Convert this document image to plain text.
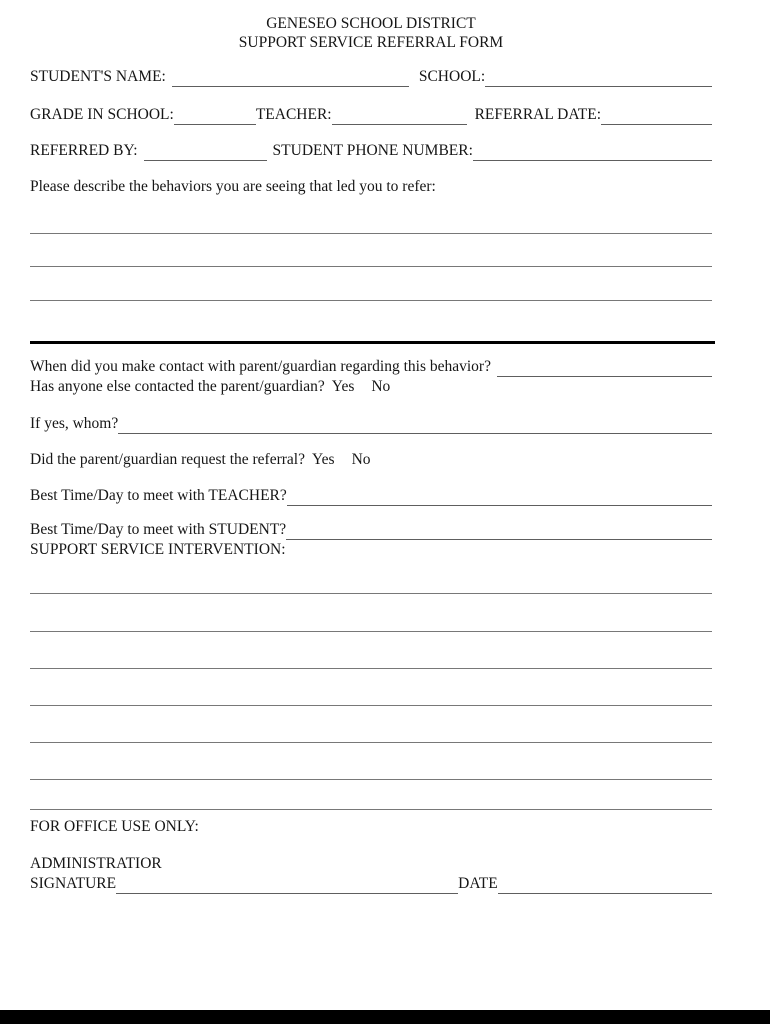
GENESEO SCHOOL DISTRICT
SUPPORT SERVICE REFERRAL FORM
STUDENT'S NAME:	SCHOOL:
GRADE IN SCHOOL:	TEACHER:	REFERRAL DATE:
REFERRED BY:	STUDENT PHONE NUMBER:
Please describe the behaviors you are seeing that led you to refer:
When did you make contact with parent/guardian regarding this behavior?
Has anyone else contacted the parent/guardian? Yes No
If yes, whom?
Did the parent/guardian request the referral? Yes No
Best Time/Day to meet with TEACHER?
Best Time/Day to meet with STUDENT?
SUPPORT SERVICE INTERVENTION:
FOR OFFICE USE ONLY:
ADMINISTRATIOR
SIGNATURE	DATE
